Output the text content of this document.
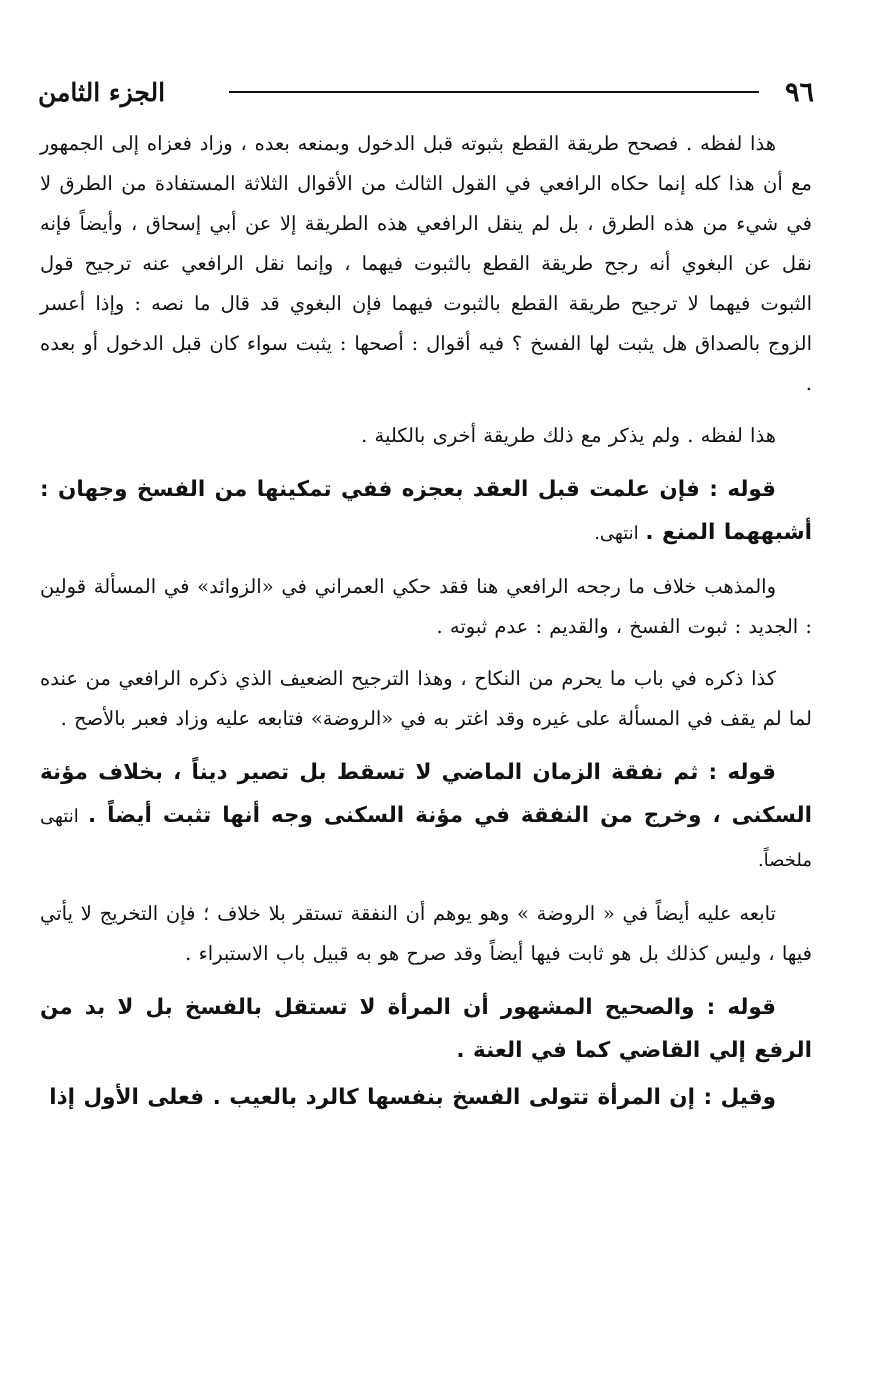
٩٦
الجزء الثامن

هذا لفظه . فصحح طريقة القطع بثبوته قبل الدخول وبمنعه بعده ، وزاد فعزاه إلى الجمهور مع أن هذا كله إنما حكاه الرافعي في القول الثالث من الأقوال الثلاثة المستفادة من الطرق لا في شيء من هذه الطرق ، بل لم ينقل الرافعي هذه الطريقة إلا عن أبي إسحاق ، وأيضاً فإنه نقل عن البغوي أنه رجح طريقة القطع بالثبوت فيهما ، وإنما نقل الرافعي عنه ترجيح قول الثبوت فيهما لا ترجيح طريقة القطع بالثبوت فيهما فإن البغوي قد قال ما نصه : وإذا أعسر الزوج بالصداق هل يثبت لها الفسخ ؟ فيه أقوال : أصحها : يثبت سواء كان قبل الدخول أو بعده .

هذا لفظه . ولم يذكر مع ذلك طريقة أخرى بالكلية .

قوله : فإن علمت قبل العقد بعجزه ففي تمكينها من الفسخ وجهان : أشبههما المنع . انتهى.

والمذهب خلاف ما رجحه الرافعي هنا فقد حكي العمراني في «الزوائد» في المسألة قولين : الجديد : ثبوت الفسخ ، والقديم : عدم ثبوته .

كذا ذكره في باب ما يحرم من النكاح ، وهذا الترجيح الضعيف الذي ذكره الرافعي من عنده لما لم يقف في المسألة على غيره وقد اغتر به في «الروضة» فتابعه عليه وزاد فعبر بالأصح .

قوله : ثم نفقة الزمان الماضي لا تسقط بل تصير ديناً ، بخلاف مؤنة السكنى ، وخرج من النفقة في مؤنة السكنى وجه أنها تثبت أيضاً . انتهى ملخصاً.

تابعه عليه أيضاً في « الروضة » وهو يوهم أن النفقة تستقر بلا خلاف ؛ فإن التخريج لا يأتي فيها ، وليس كذلك بل هو ثابت فيها أيضاً وقد صرح هو به قبيل باب الاستبراء .

قوله : والصحيح المشهور أن المرأة لا تستقل بالفسخ بل لا بد من الرفع إلي القاضي كما في العنة .

وقيل : إن المرأة تتولى الفسخ بنفسها كالرد بالعيب . فعلى الأول إذا
